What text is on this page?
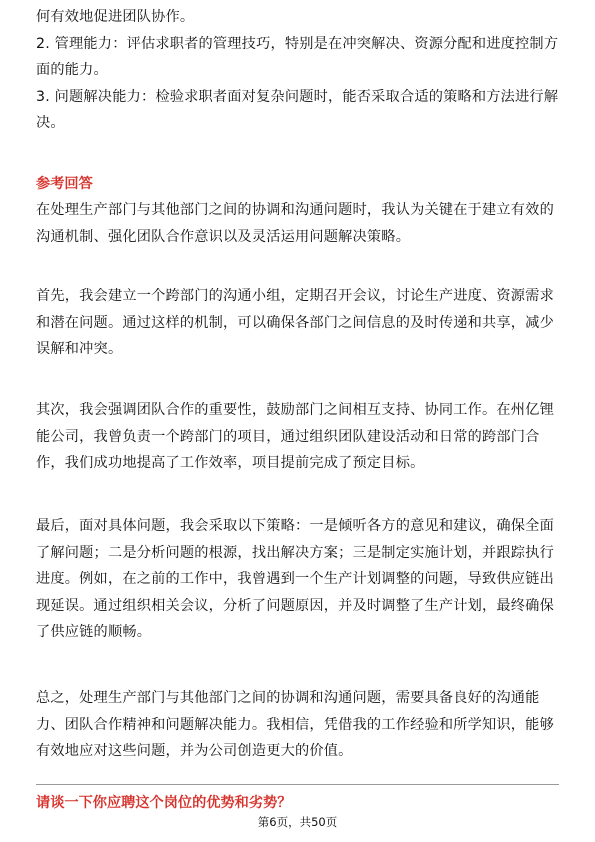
何有效地促进团队协作。
2. 管理能力：评估求职者的管理技巧，特别是在冲突解决、资源分配和进度控制方
面的能力。
3. 问题解决能力：检验求职者面对复杂问题时，能否采取合适的策略和方法进行解
决。
参考回答
在处理生产部门与其他部门之间的协调和沟通问题时，我认为关键在于建立有效的
沟通机制、强化团队合作意识以及灵活运用问题解决策略。
首先，我会建立一个跨部门的沟通小组，定期召开会议，讨论生产进度、资源需求
和潜在问题。通过这样的机制，可以确保各部门之间信息的及时传递和共享，减少
误解和冲突。
其次，我会强调团队合作的重要性，鼓励部门之间相互支持、协同工作。在州亿锂
能公司，我曾负责一个跨部门的项目，通过组织团队建设活动和日常的跨部门合
作，我们成功地提高了工作效率，项目提前完成了预定目标。
最后，面对具体问题，我会采取以下策略：一是倾听各方的意见和建议，确保全面
了解问题；二是分析问题的根源，找出解决方案；三是制定实施计划，并跟踪执行
进度。例如，在之前的工作中，我曾遇到一个生产计划调整的问题，导致供应链出
现延误。通过组织相关会议，分析了问题原因，并及时调整了生产计划，最终确保
了供应链的顺畅。
总之，处理生产部门与其他部门之间的协调和沟通问题，需要具备良好的沟通能
力、团队合作精神和问题解决能力。我相信，凭借我的工作经验和所学知识，能够
有效地应对这些问题，并为公司创造更大的价值。
请谈一下你应聘这个岗位的优势和劣势？
第6页，共50页
